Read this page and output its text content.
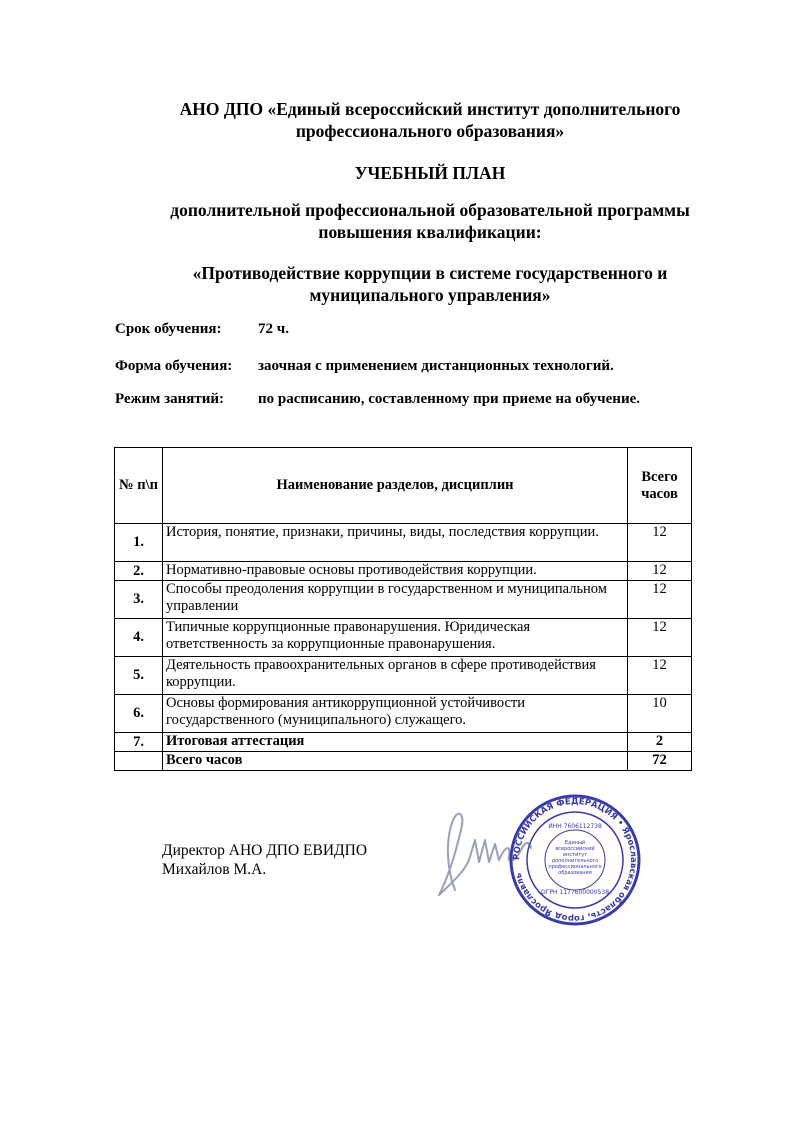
АНО ДПО «Единый всероссийский институт дополнительного
профессионального образования»
УЧЕБНЫЙ ПЛАН
дополнительной профессиональной образовательной программы
повышения квалификации:
«Противодействие коррупции в системе государственного и
муниципального управления»
Срок обучения: 72 ч.
Форма обучения: заочная с применением дистанционных технологий.
Режим занятий: по расписанию, составленному при приеме на обучение.
№ п\п	Наименование разделов, дисциплин	Всего
часов

1.	История, понятие, признаки, причины, виды, последствия коррупции.	12
2.	Нормативно-правовые основы противодействия коррупции.	12
3.	Способы преодоления коррупции в государственном и муниципальном управлении	12
4.	Типичные коррупционные правонарушения. Юридическая ответственность за коррупционные правонарушения.	12
5.	Деятельность правоохранительных органов в сфере противодействия коррупции.	12
6.	Основы формирования антикоррупционной устойчивости государственного (муниципального) служащего.	10
7.	Итоговая аттестация	2
	Всего часов	72
Директор АНО ДПО ЕВИДПО
Михайлов М.А.
РОССИЙСКАЯ ФЕДЕРАЦИЯ • Ярославская область, город Ярославль
ИНН 7606112738
ОГРН 1177600000538
Единый всероссийский институт дополнительного профессионального образования
